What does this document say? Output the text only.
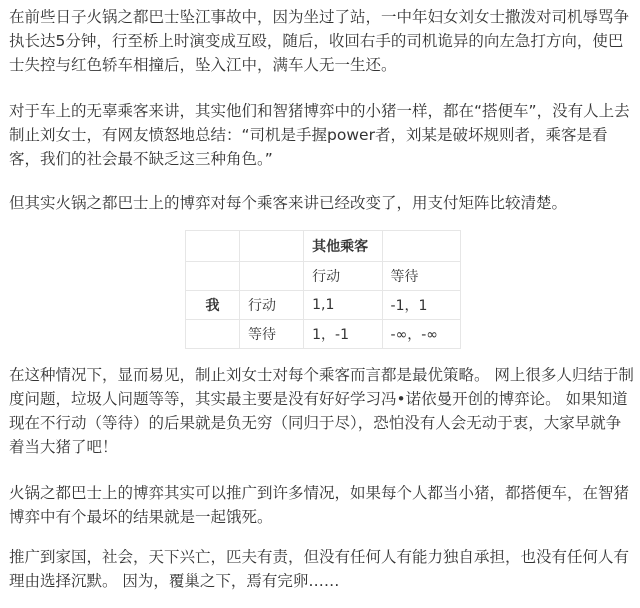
在前些日子火锅之都巴士坠江事故中，因为坐过了站，一中年妇女刘女士撒泼对司机辱骂争执长达5分钟，行至桥上时演变成互殴，随后，收回右手的司机诡异的向左急打方向，使巴士失控与红色轿车相撞后，坠入江中，满车人无一生还。

对于车上的无辜乘客来讲，其实他们和智猪博弈中的小猪一样，都在“搭便车”，没有人上去制止刘女士，有网友愤怒地总结：“司机是手握power者，刘某是破坏规则者，乘客是看客，我们的社会最不缺乏这三种角色。”

但其实火锅之都巴士上的博弈对每个乘客来讲已经改变了，用支付矩阵比较清楚。

		其他乘客	
		行动	等待
我	行动	1,1	-1，1
	等待	1，-1	-∞，-∞

在这种情况下，显而易见，制止刘女士对每个乘客而言都是最优策略。 网上很多人归结于制度问题，垃圾人问题等等，其实最主要是没有好好学习冯•诺依曼开创的博弈论。 如果知道现在不行动（等待）的后果就是负无穷（同归于尽），恐怕没有人会无动于衷，大家早就争着当大猪了吧！

火锅之都巴士上的博弈其实可以推广到许多情况，如果每个人都当小猪，都搭便车，在智猪博弈中有个最坏的结果就是一起饿死。

推广到家国，社会，天下兴亡，匹夫有责，但没有任何人有能力独自承担，也没有任何人有理由选择沉默。 因为，覆巢之下，焉有完卵……
